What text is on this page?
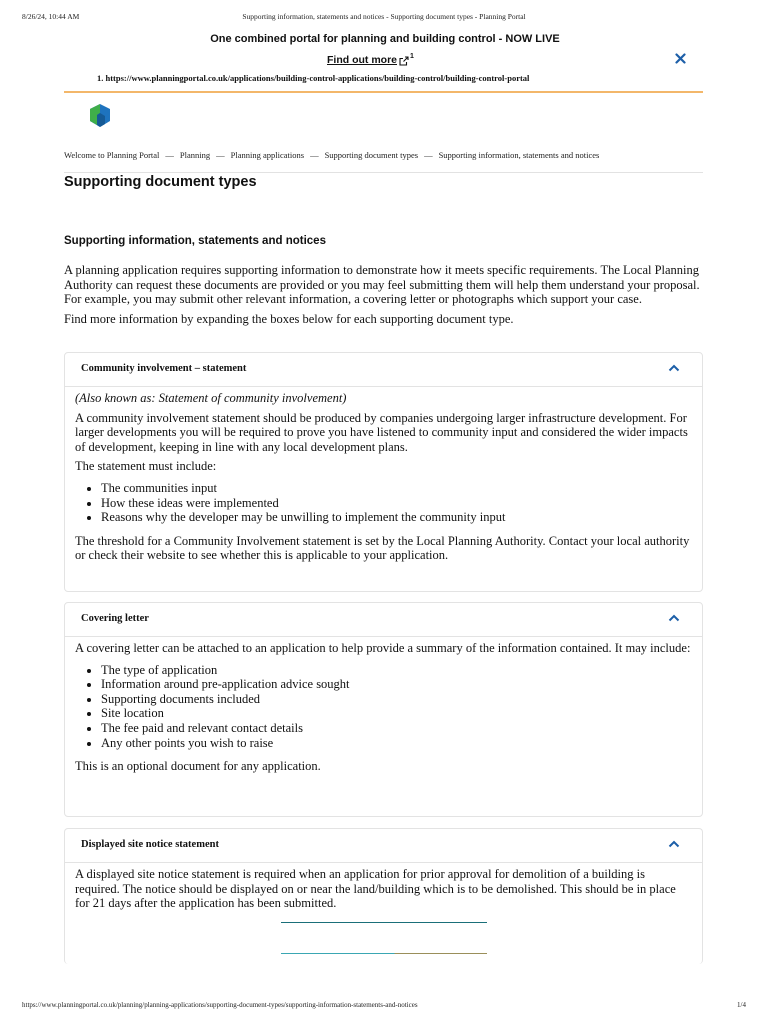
8/26/24, 10:44 AM	Supporting information, statements and notices - Supporting document types - Planning Portal
One combined portal for planning and building control - NOW LIVE
Find out more 1
1. https://www.planningportal.co.uk/applications/building-control-applications/building-control/building-control-portal
Welcome to Planning Portal — Planning — Planning applications — Supporting document types — Supporting information, statements and notices
Supporting document types
Supporting information, statements and notices

A planning application requires supporting information to demonstrate how it meets specific requirements. The Local Planning Authority can request these documents are provided or you may feel submitting them will help them understand your proposal. For example, you may submit other relevant information, a covering letter or photographs which support your case.

Find more information by expanding the boxes below for each supporting document type.

Community involvement – statement

(Also known as: Statement of community involvement)

A community involvement statement should be produced by companies undergoing larger infrastructure development. For larger developments you will be required to prove you have listened to community input and considered the wider impacts of development, keeping in line with any local development plans.

The statement must include:

• The communities input
• How these ideas were implemented
• Reasons why the developer may be unwilling to implement the community input

The threshold for a Community Involvement statement is set by the Local Planning Authority. Contact your local authority or check their website to see whether this is applicable to your application.

Covering letter

A covering letter can be attached to an application to help provide a summary of the information contained. It may include:

• The type of application
• Information around pre-application advice sought
• Supporting documents included
• Site location
• The fee paid and relevant contact details
• Any other points you wish to raise

This is an optional document for any application.

Displayed site notice statement

A displayed site notice statement is required when an application for prior approval for demolition of a building is required. The notice should be displayed on or near the land/building which is to be demolished. This should be in place for 21 days after the application has been submitted.

https://www.planningportal.co.uk/planning/planning-applications/supporting-document-types/supporting-information-statements-and-notices	1/4
